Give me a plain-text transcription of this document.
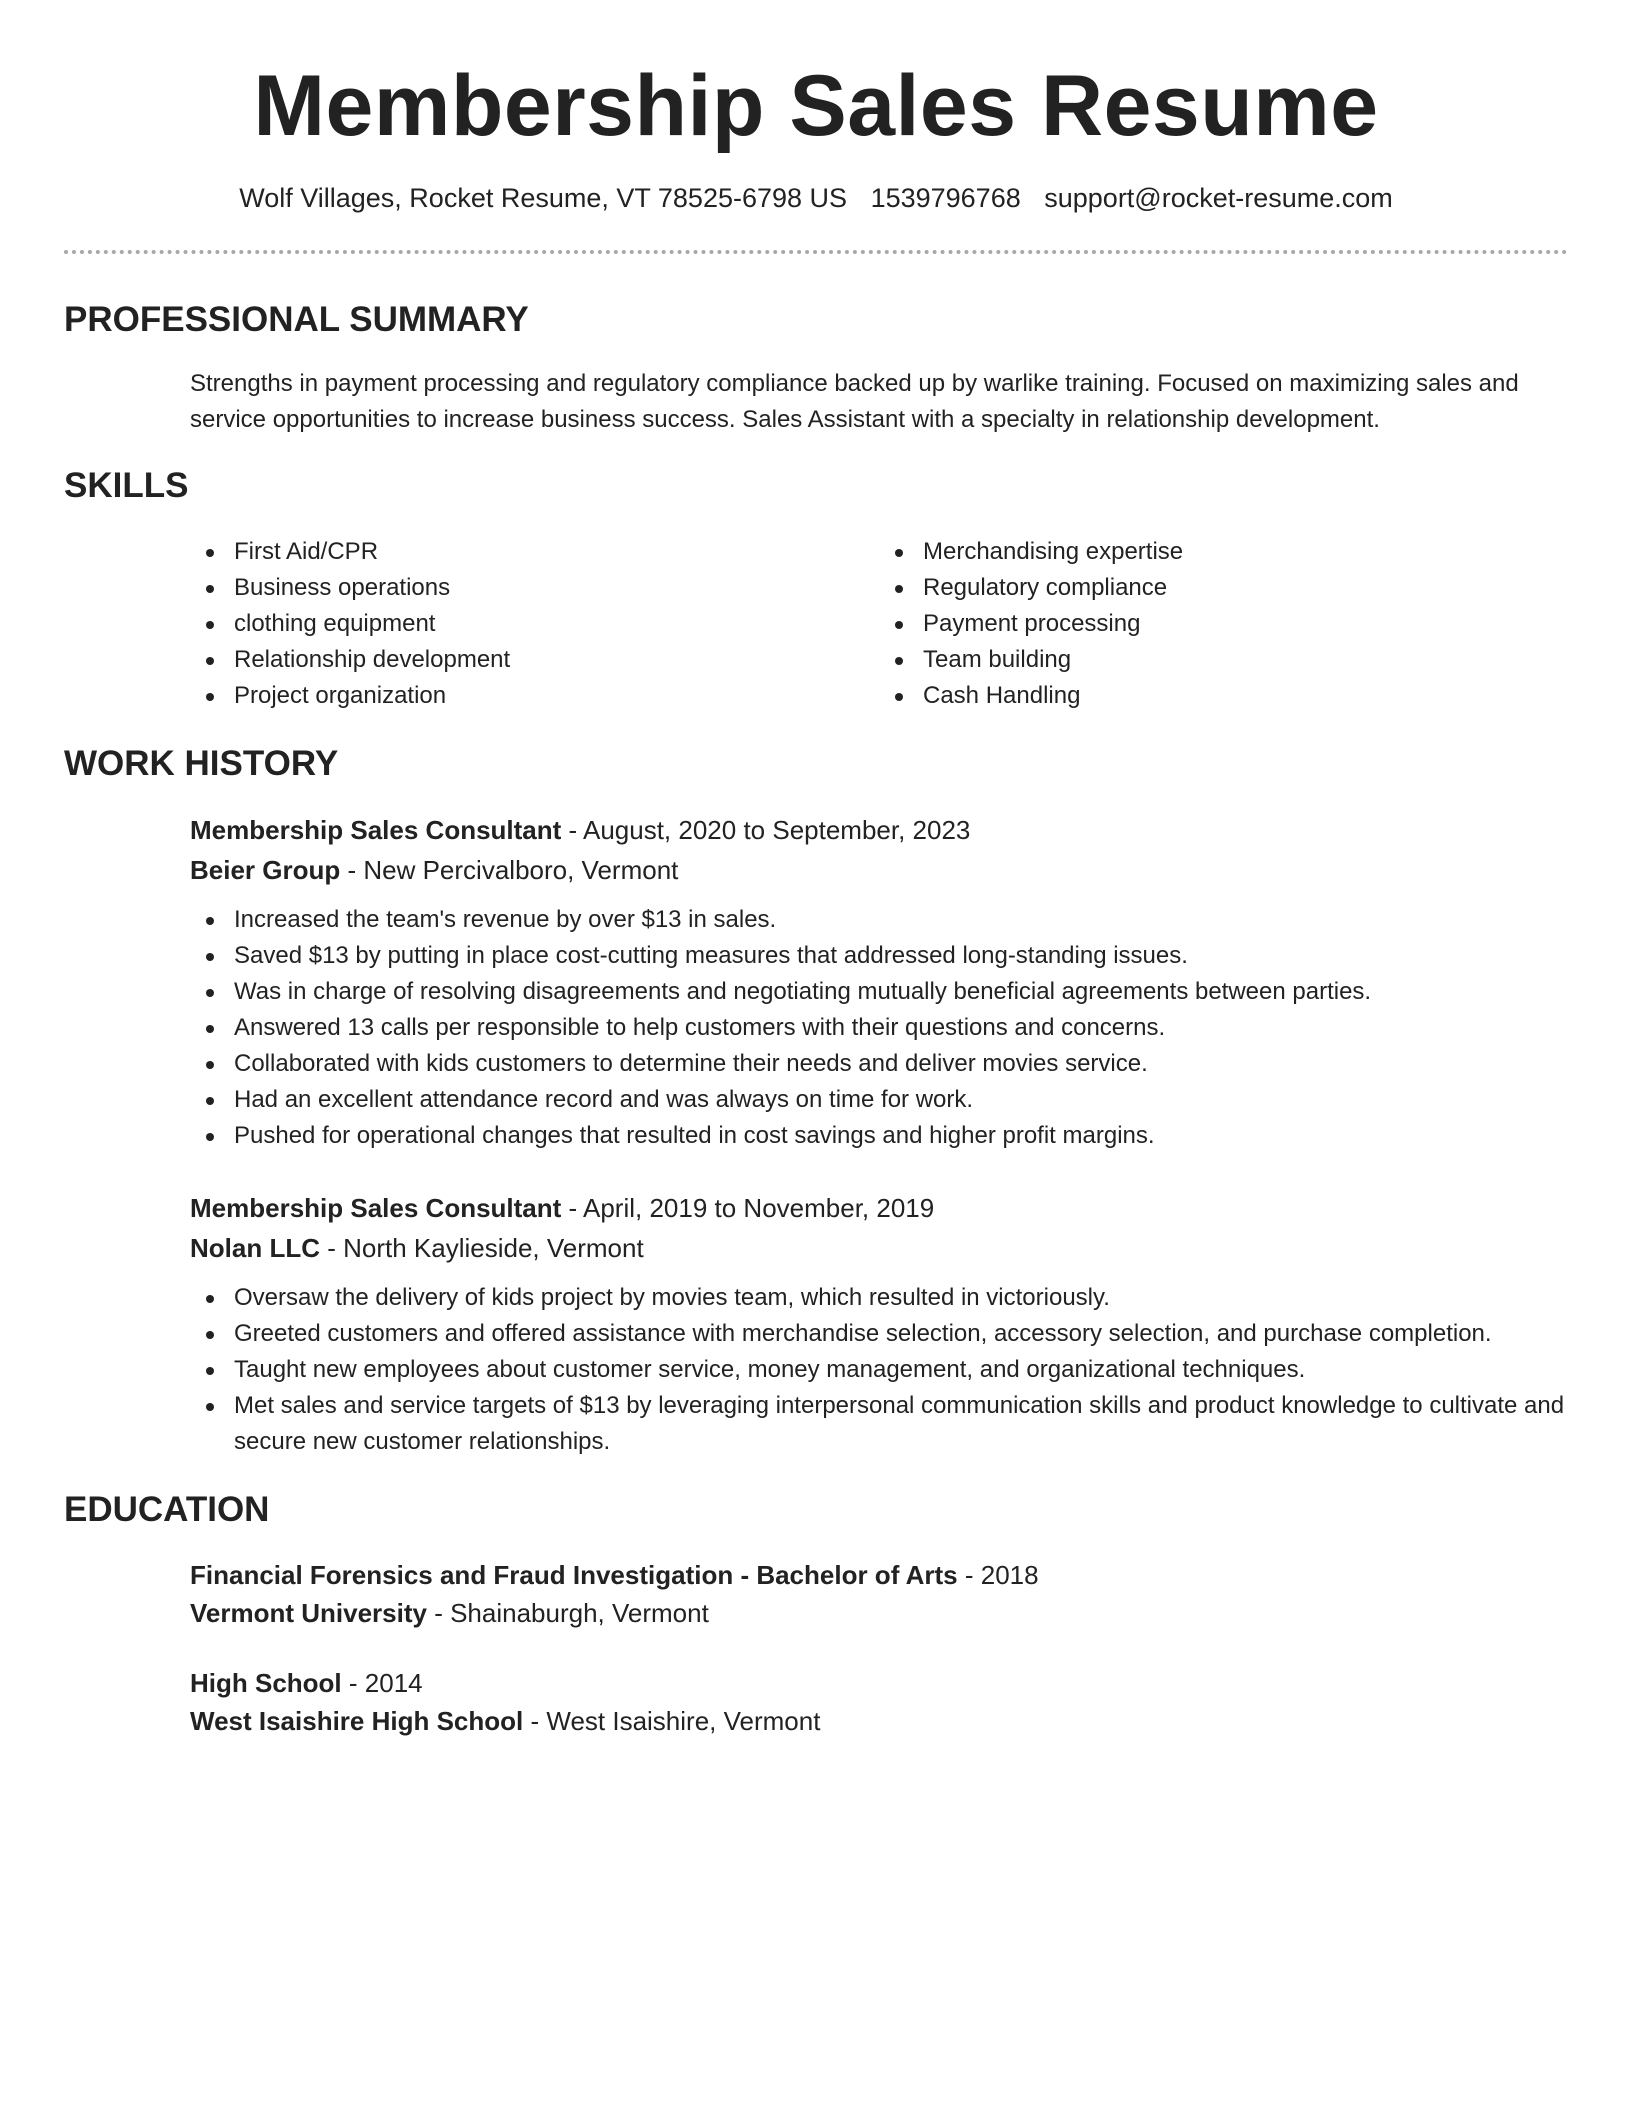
Membership Sales Resume
Wolf Villages, Rocket Resume, VT 78525-6798 US 1539796768 support@rocket-resume.com
PROFESSIONAL SUMMARY

Strengths in payment processing and regulatory compliance backed up by warlike training. Focused on maximizing sales and service opportunities to increase business success. Sales Assistant with a specialty in relationship development.

SKILLS
First Aid/CPR
Business operations
clothing equipment
Relationship development
Project organization
Merchandising expertise
Regulatory compliance
Payment processing
Team building
Cash Handling
WORK HISTORY
Membership Sales Consultant - August, 2020 to September, 2023
Beier Group - New Percivalboro, Vermont
Increased the team's revenue by over $13 in sales.
Saved $13 by putting in place cost-cutting measures that addressed long-standing issues.
Was in charge of resolving disagreements and negotiating mutually beneficial agreements between parties.
Answered 13 calls per responsible to help customers with their questions and concerns.
Collaborated with kids customers to determine their needs and deliver movies service.
Had an excellent attendance record and was always on time for work.
Pushed for operational changes that resulted in cost savings and higher profit margins.
Membership Sales Consultant - April, 2019 to November, 2019
Nolan LLC - North Kaylieside, Vermont
Oversaw the delivery of kids project by movies team, which resulted in victoriously.
Greeted customers and offered assistance with merchandise selection, accessory selection, and purchase completion.
Taught new employees about customer service, money management, and organizational techniques.
Met sales and service targets of $13 by leveraging interpersonal communication skills and product knowledge to cultivate and secure new customer relationships.
EDUCATION
Financial Forensics and Fraud Investigation - Bachelor of Arts - 2018
Vermont University - Shainaburgh, Vermont
High School - 2014
West Isaishire High School - West Isaishire, Vermont
